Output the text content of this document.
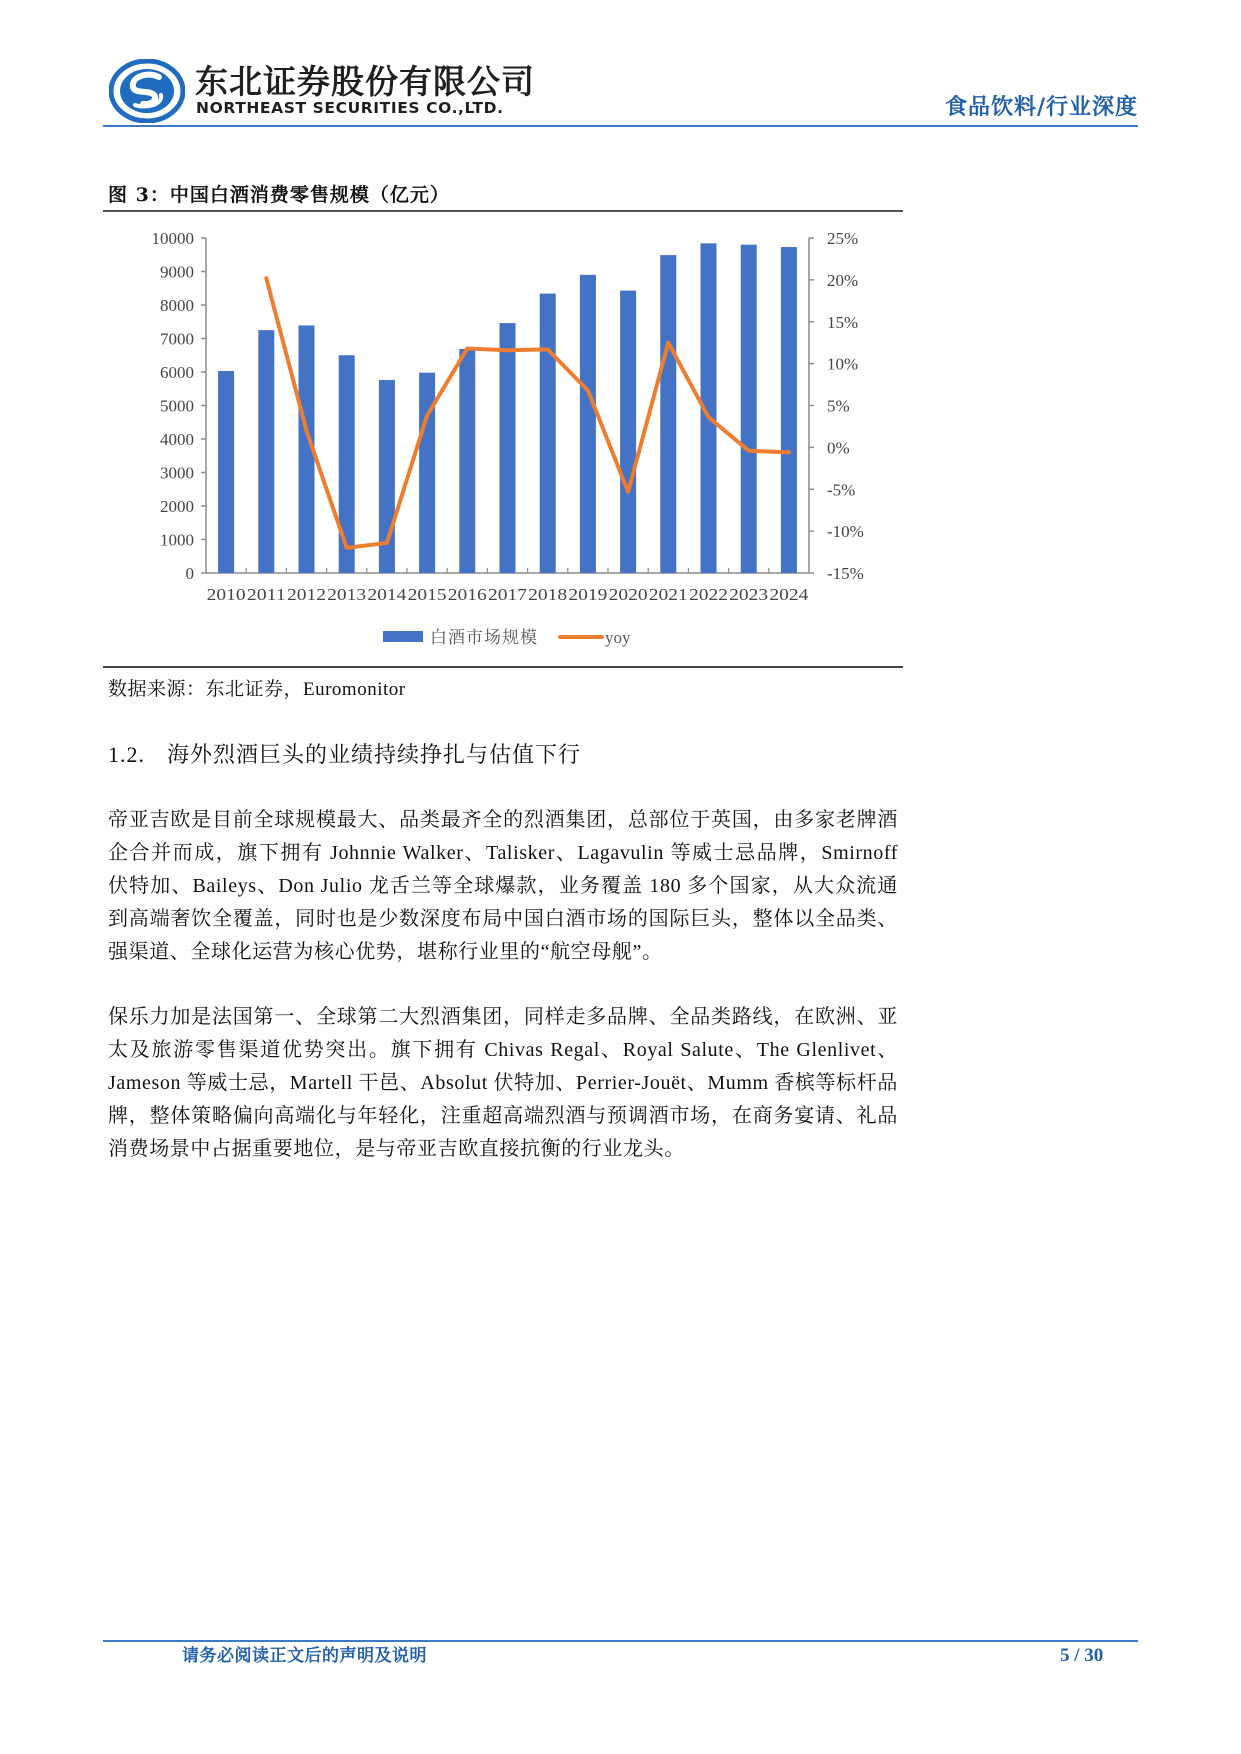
东北证券股份有限公司
NORTHEAST SECURITIES CO.,LTD.	食品饮料/行业深度
图 3：中国白酒消费零售规模（亿元）
0
1000
2000
3000
4000
5000
6000
7000
8000
9000
10000
-15%
-10%
-5%
0%
5%
10%
15%
20%
25%
2010 2011 2012 2013 2014 2015 2016 2017 2018 2019 2020 2021 2022 2023 2024
白酒市场规模	yoy
数据来源：东北证券，Euromonitor
1.2. 海外烈酒巨头的业绩持续挣扎与估值下行

帝亚吉欧是目前全球规模最大、品类最齐全的烈酒集团，总部位于英国，由多家老牌酒企合并而成，旗下拥有 Johnnie Walker、Talisker、Lagavulin 等威士忌品牌，Smirnoff 伏特加、Baileys、Don Julio 龙舌兰等全球爆款，业务覆盖 180 多个国家，从大众流通到高端奢饮全覆盖，同时也是少数深度布局中国白酒市场的国际巨头，整体以全品类、强渠道、全球化运营为核心优势，堪称行业里的“航空母舰”。

保乐力加是法国第一、全球第二大烈酒集团，同样走多品牌、全品类路线，在欧洲、亚太及旅游零售渠道优势突出。旗下拥有 Chivas Regal、Royal Salute、The Glenlivet、Jameson 等威士忌，Martell 干邑、Absolut 伏特加、Perrier-Jouët、Mumm 香槟等标杆品牌，整体策略偏向高端化与年轻化，注重超高端烈酒与预调酒市场，在商务宴请、礼品消费场景中占据重要地位，是与帝亚吉欧直接抗衡的行业龙头。

请务必阅读正文后的声明及说明	5 / 30
